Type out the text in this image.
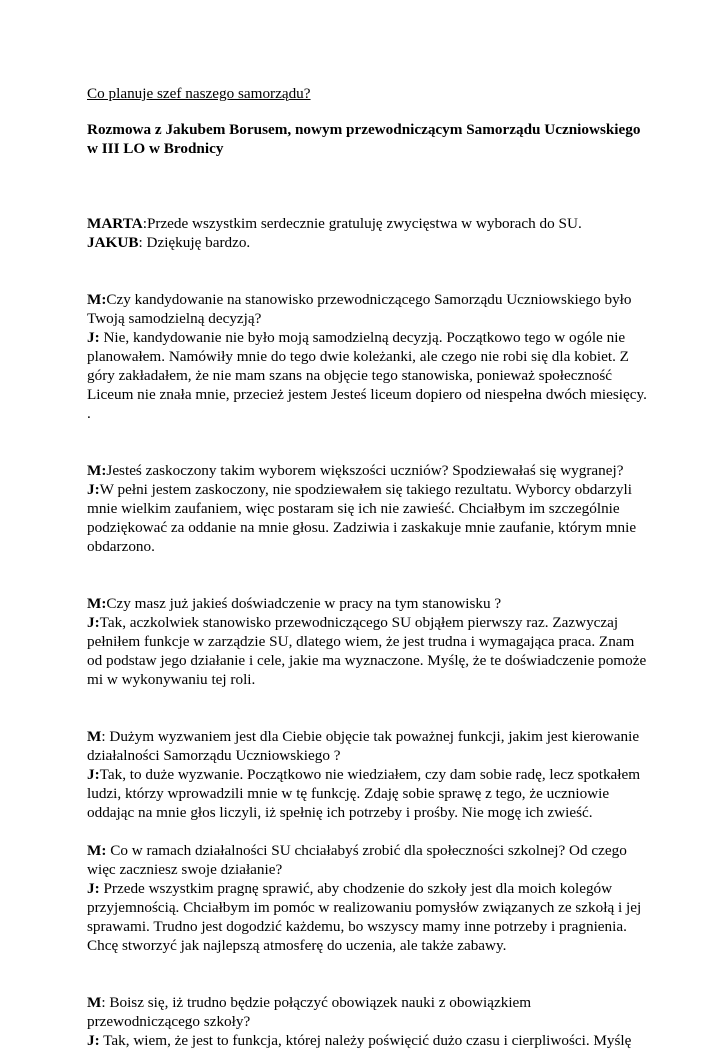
Co planuje szef naszego samorządu?

Rozmowa z Jakubem Borusem, nowym przewodniczącym Samorządu Uczniowskiego w III LO w Brodnicy

MARTA:Przede wszystkim serdecznie gratuluję zwycięstwa w wyborach do SU.
JAKUB: Dziękuję bardzo.

M:Czy kandydowanie na stanowisko przewodniczącego Samorządu Uczniowskiego było Twoją samodzielną decyzją?
J: Nie, kandydowanie nie było moją samodzielną decyzją. Początkowo tego w ogóle nie planowałem. Namówiły mnie do tego dwie koleżanki, ale czego nie robi się dla kobiet. Z góry zakładałem, że nie mam szans na objęcie tego stanowiska, ponieważ społeczność Liceum nie znała mnie, przecież jestem Jesteś liceum dopiero od niespełna dwóch miesięcy. .

M:Jesteś zaskoczony takim wyborem większości uczniów? Spodziewałaś się wygranej?
J:W pełni jestem zaskoczony, nie spodziewałem się takiego rezultatu. Wyborcy obdarzyli mnie wielkim zaufaniem, więc postaram się ich nie zawieść. Chciałbym im szczególnie podziękować za oddanie na mnie głosu. Zadziwia i zaskakuje mnie zaufanie, którym mnie obdarzono.

M:Czy masz już jakieś doświadczenie w pracy na tym stanowisku ?
J:Tak, aczkolwiek stanowisko przewodniczącego SU objąłem pierwszy raz. Zazwyczaj pełniłem funkcje w zarządzie SU, dlatego wiem, że jest trudna i wymagająca praca. Znam od podstaw jego działanie i cele, jakie ma wyznaczone. Myślę, że te doświadczenie pomoże mi w wykonywaniu tej roli.

M: Dużym wyzwaniem jest dla Ciebie objęcie tak poważnej funkcji, jakim jest kierowanie działalności Samorządu Uczniowskiego ?
J:Tak, to duże wyzwanie. Początkowo nie wiedziałem, czy dam sobie radę, lecz spotkałem ludzi, którzy wprowadzili mnie w tę funkcję. Zdaję sobie sprawę z tego, że uczniowie oddając na mnie głos liczyli, iż spełnię ich potrzeby i prośby. Nie mogę ich zwieść.

M: Co w ramach działalności SU chciałabyś zrobić dla społeczności szkolnej? Od czego więc zaczniesz swoje działanie?
J: Przede wszystkim pragnę sprawić, aby chodzenie do szkoły jest dla moich kolegów przyjemnością. Chciałbym im pomóc w realizowaniu pomysłów związanych ze szkołą i jej sprawami. Trudno jest dogodzić każdemu, bo wszyscy mamy inne potrzeby i pragnienia. Chcę stworzyć jak najlepszą atmosferę do uczenia, ale także zabawy.

M: Boisz się, iż trudno będzie połączyć obowiązek nauki z obowiązkiem przewodniczącego szkoły?
J: Tak, wiem, że jest to funkcja, której należy poświęcić dużo czasu i cierpliwości. Myślę
